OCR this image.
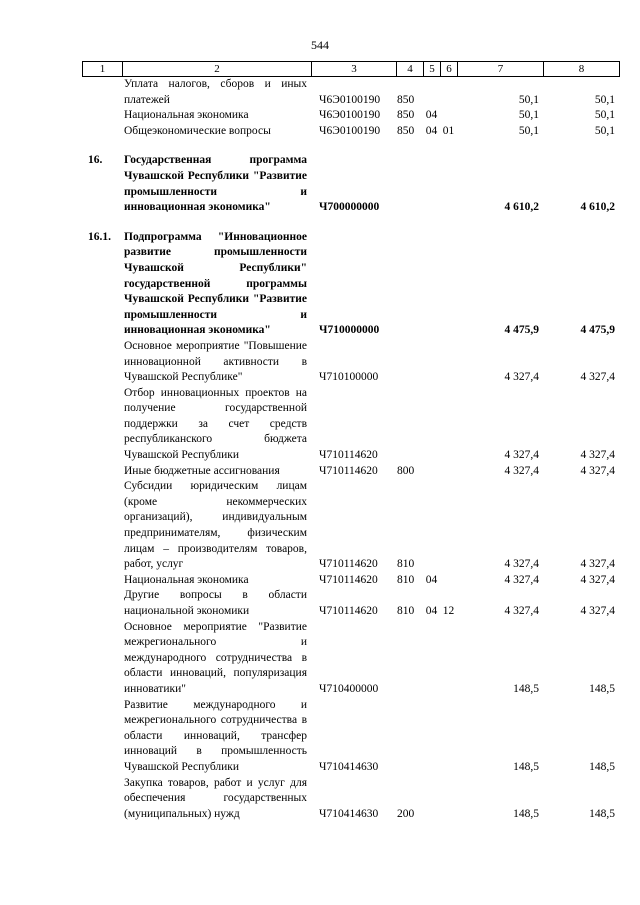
544
1	2	3	4	5	6	7	8
	Уплата налогов, сборов и иных платежей	Ч6Э0100190	850			50,1	50,1
	Национальная экономика	Ч6Э0100190	850	04		50,1	50,1
	Общеэкономические вопросы	Ч6Э0100190	850	04	01	50,1	50,1

16.	Государственная программа Чувашской Республики "Развитие промышленности и инновационная экономика"	Ч700000000				4 610,2	4 610,2

16.1.	Подпрограмма "Инновационное развитие промышленности Чувашской Республики" государственной программы Чувашской Республики "Развитие промышленности и инновационная экономика"	Ч710000000				4 475,9	4 475,9
	Основное мероприятие "Повышение инновационной активности в Чувашской Республике"	Ч710100000				4 327,4	4 327,4
	Отбор инновационных проектов на получение государственной поддержки за счет средств республиканского бюджета Чувашской Республики	Ч710114620				4 327,4	4 327,4
	Иные бюджетные ассигнования	Ч710114620	800			4 327,4	4 327,4
	Субсидии юридическим лицам (кроме некоммерческих организаций), индивидуальным предпринимателям, физическим лицам – производителям товаров, работ, услуг	Ч710114620	810			4 327,4	4 327,4
	Национальная экономика	Ч710114620	810	04		4 327,4	4 327,4
	Другие вопросы в области национальной экономики	Ч710114620	810	04	12	4 327,4	4 327,4
	Основное мероприятие "Развитие межрегионального и международного сотрудничества в области инноваций, популяризация инноватики"	Ч710400000				148,5	148,5
	Развитие международного и межрегионального сотрудничества в области инноваций, трансфер инноваций в промышленность Чувашской Республики	Ч710414630				148,5	148,5
	Закупка товаров, работ и услуг для обеспечения государственных (муниципальных) нужд	Ч710414630	200			148,5	148,5
